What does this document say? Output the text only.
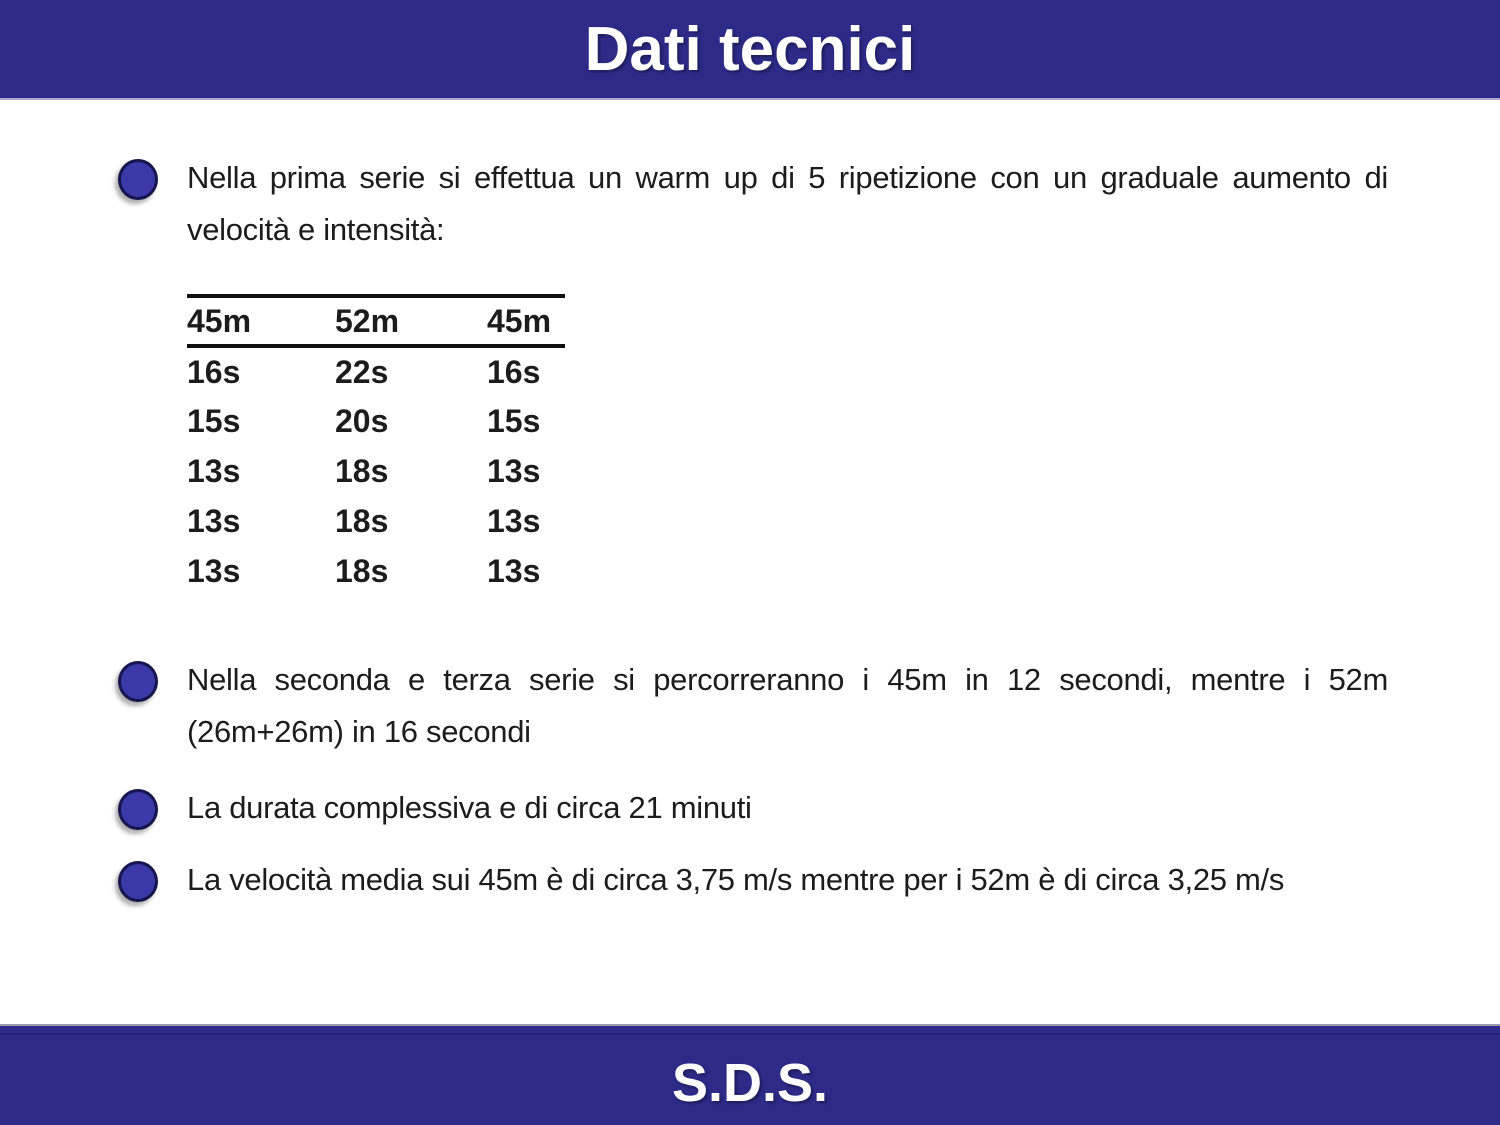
Dati tecnici

Nella prima serie si effettua un warm up di 5 ripetizione con un graduale aumento di velocità e intensità:

45m	52m	45m
16s	22s	16s
15s	20s	15s
13s	18s	13s
13s	18s	13s
13s	18s	13s

Nella seconda e terza serie si percorreranno i 45m in 12 secondi, mentre i 52m (26m+26m) in 16 secondi

La durata complessiva e di circa 21 minuti

La velocità media sui 45m è di circa 3,75 m/s mentre per i 52m è di circa 3,25 m/s

S.D.S.
